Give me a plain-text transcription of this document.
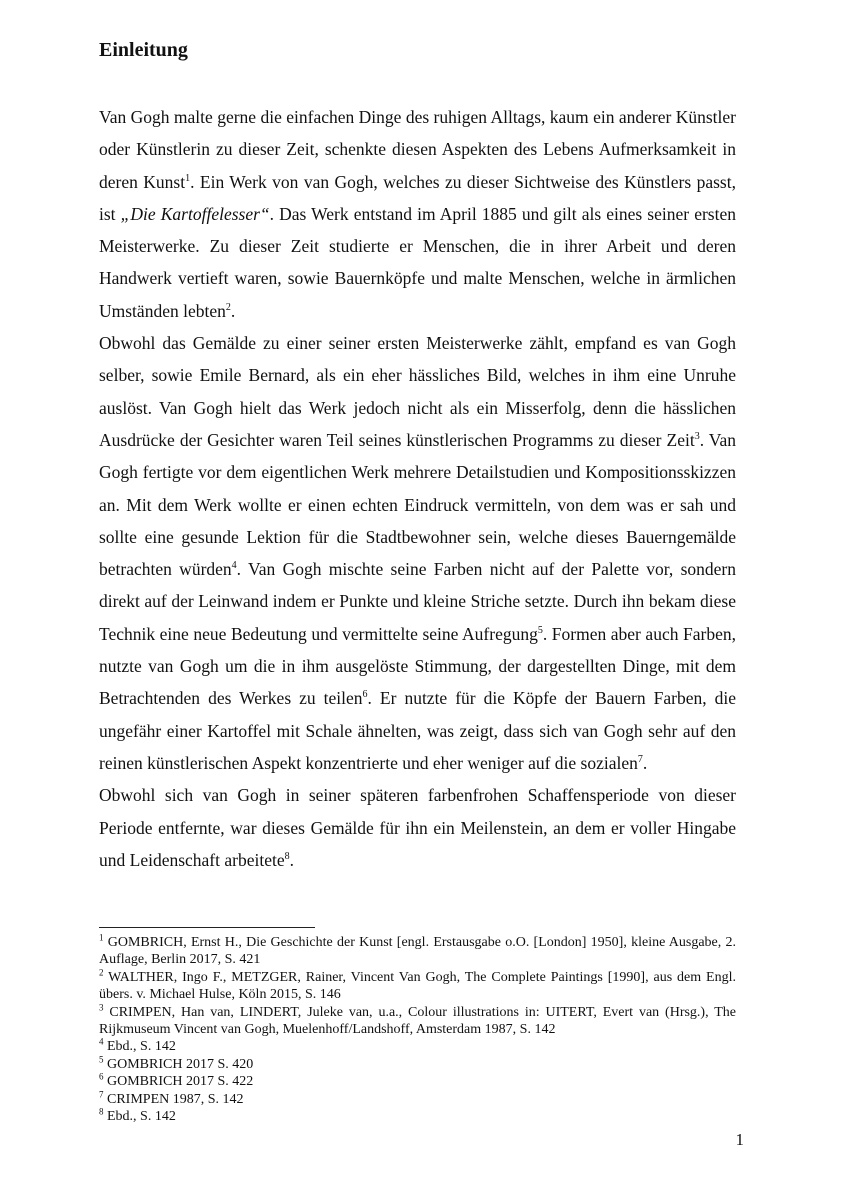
Einleitung

Van Gogh malte gerne die einfachen Dinge des ruhigen Alltags, kaum ein anderer Künstler oder Künstlerin zu dieser Zeit, schenkte diesen Aspekten des Lebens Aufmerksamkeit in deren Kunst$^1$. Ein Werk von van Gogh, welches zu dieser Sichtweise des Künstlers passt, ist „Die Kartoffelesser“. Das Werk entstand im April 1885 und gilt als eines seiner ersten Meisterwerke. Zu dieser Zeit studierte er Menschen, die in ihrer Arbeit und deren Handwerk vertieft waren, sowie Bauernköpfe und malte Menschen, welche in ärmlichen Umständen lebten$^2$.

Obwohl das Gemälde zu einer seiner ersten Meisterwerke zählt, empfand es van Gogh selber, sowie Emile Bernard, als ein eher hässliches Bild, welches in ihm eine Unruhe auslöst. Van Gogh hielt das Werk jedoch nicht als ein Misserfolg, denn die hässlichen Ausdrücke der Gesichter waren Teil seines künstlerischen Programms zu dieser Zeit$^3$. Van Gogh fertigte vor dem eigentlichen Werk mehrere Detailstudien und Kompositionsskizzen an. Mit dem Werk wollte er einen echten Eindruck vermitteln, von dem was er sah und sollte eine gesunde Lektion für die Stadtbewohner sein, welche dieses Bauerngemälde betrachten würden$^4$. Van Gogh mischte seine Farben nicht auf der Palette vor, sondern direkt auf der Leinwand indem er Punkte und kleine Striche setzte. Durch ihn bekam diese Technik eine neue Bedeutung und vermittelte seine Aufregung$^5$. Formen aber auch Farben, nutzte van Gogh um die in ihm ausgelöste Stimmung, der dargestellten Dinge, mit dem Betrachtenden des Werkes zu teilen$^6$. Er nutzte für die Köpfe der Bauern Farben, die ungefähr einer Kartoffel mit Schale ähnelten, was zeigt, dass sich van Gogh sehr auf den reinen künstlerischen Aspekt konzentrierte und eher weniger auf die sozialen$^7$.

Obwohl sich van Gogh in seiner späteren farbenfrohen Schaffensperiode von dieser Periode entfernte, war dieses Gemälde für ihn ein Meilenstein, an dem er voller Hingabe und Leidenschaft arbeitete$^8$.

$^1$ GOMBRICH, Ernst H., Die Geschichte der Kunst [engl. Erstausgabe o.O. [London] 1950], kleine Ausgabe, 2. Auflage, Berlin 2017, S. 421
$^2$ WALTHER, Ingo F., METZGER, Rainer, Vincent Van Gogh, The Complete Paintings [1990], aus dem Engl. übers. v. Michael Hulse, Köln 2015, S. 146
$^3$ CRIMPEN, Han van, LINDERT, Juleke van, u.a., Colour illustrations in: UITERT, Evert van (Hrsg.), The Rijkmuseum Vincent van Gogh, Muelenhoff/Landshoff, Amsterdam 1987, S. 142
$^4$ Ebd., S. 142
$^5$ GOMBRICH 2017 S. 420
$^6$ GOMBRICH 2017 S. 422
$^7$ CRIMPEN 1987, S. 142
$^8$ Ebd., S. 142
1
